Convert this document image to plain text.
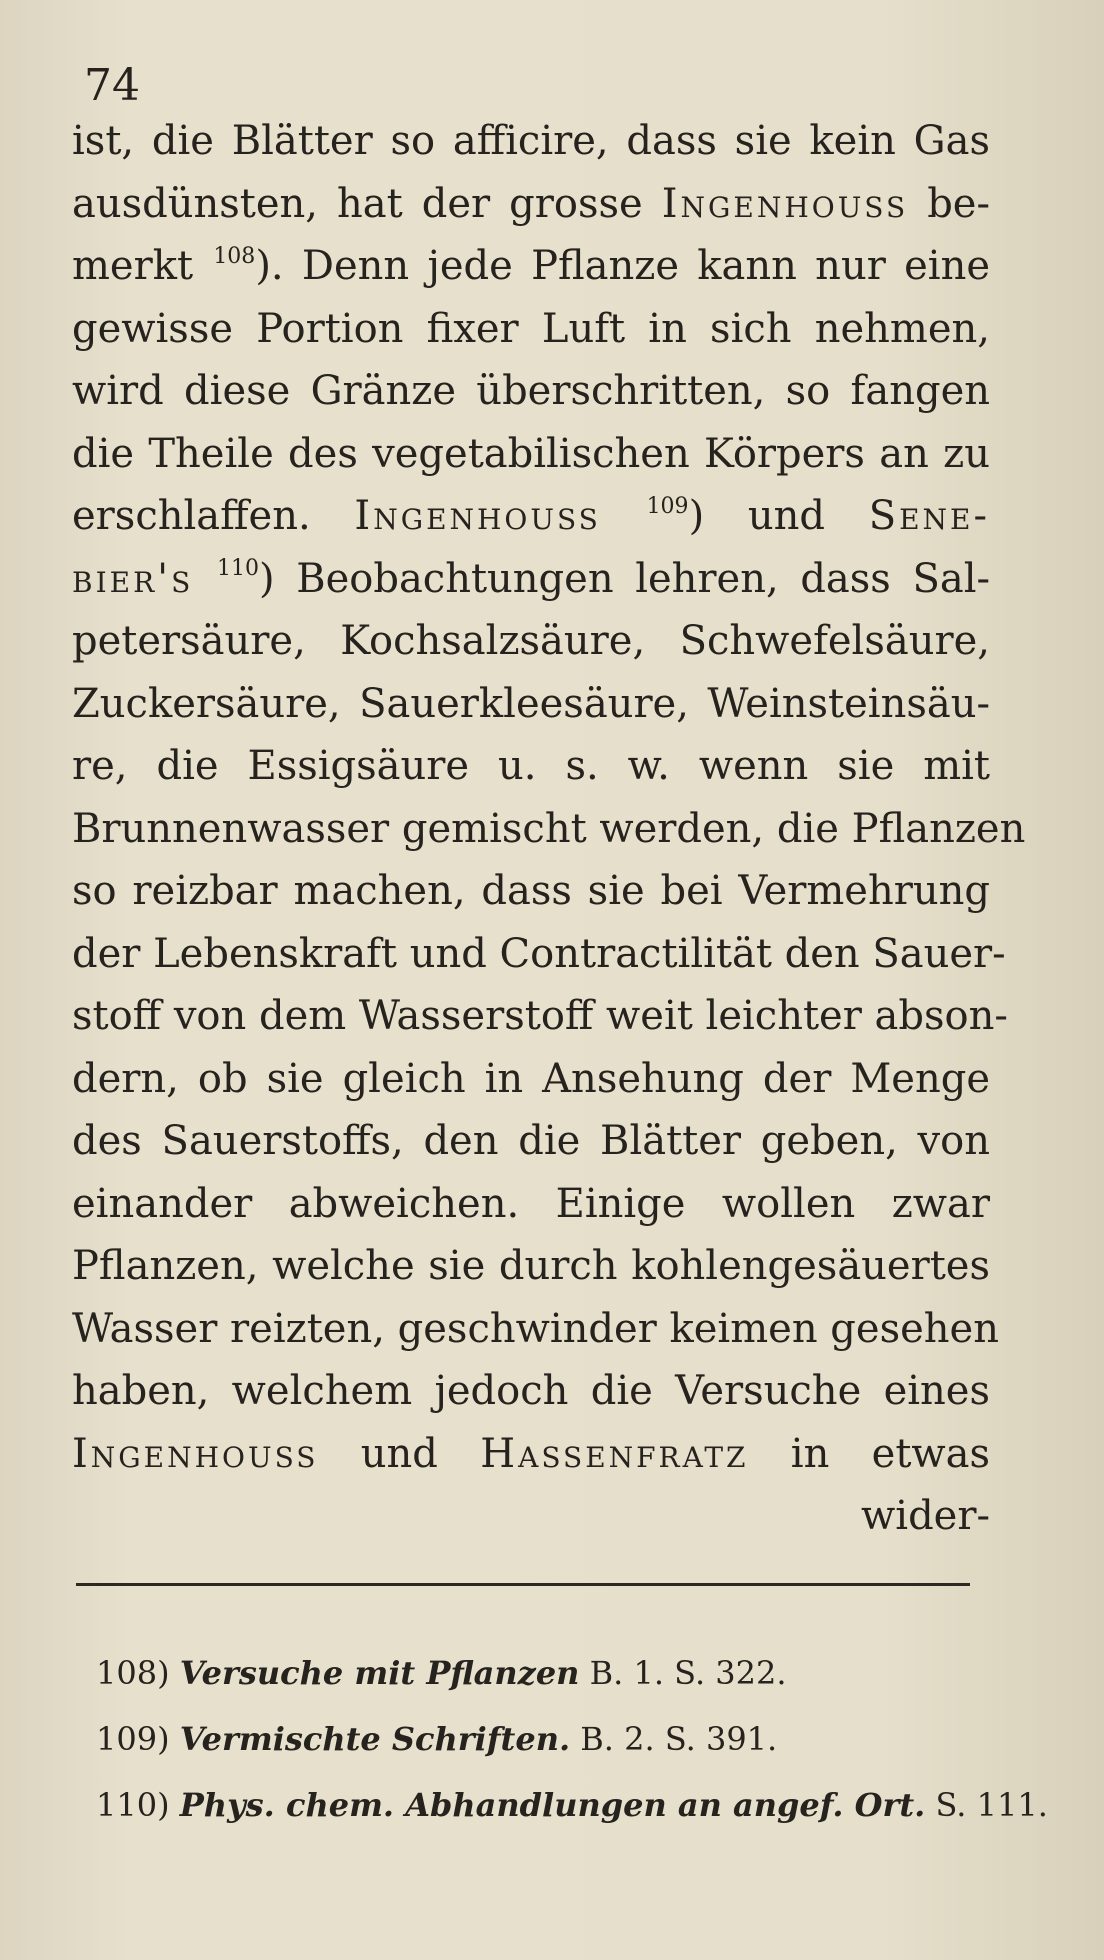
74
ist, die Blätter so afficire, dass sie kein Gas
ausdünsten, hat der grosse Ingenhouss be-
merkt $^{108}$). Denn jede Pflanze kann nur eine
gewisse Portion fixer Luft in sich nehmen,
wird diese Gränze überschritten, so fangen
die Theile des vegetabilischen Körpers an zu
erschlaffen. Ingenhouss $^{109}$) und Sene-
bier's $^{110}$) Beobachtungen lehren, dass Sal-
petersäure, Kochsalzsäure, Schwefelsäure,
Zuckersäure, Sauerkleesäure, Weinsteinsäu-
re, die Essigsäure u. s. w. wenn sie mit
Brunnenwasser gemischt werden, die Pflanzen
so reizbar machen, dass sie bei Vermehrung
der Lebenskraft und Contractilität den Sauer-
stoff von dem Wasserstoff weit leichter abson-
dern, ob sie gleich in Ansehung der Menge
des Sauerstoffs, den die Blätter geben, von
einander abweichen. Einige wollen zwar
Pflanzen, welche sie durch kohlengesäuertes
Wasser reizten, geschwinder keimen gesehen
haben, welchem jedoch die Versuche eines
Ingenhouss und Hassenfratz in etwas
wider-
108) Versuche mit Pflanzen B. 1. S. 322.
109) Vermischte Schriften. B. 2. S. 391.
110) Phys. chem. Abhandlungen an angef. Ort. S. 111.
